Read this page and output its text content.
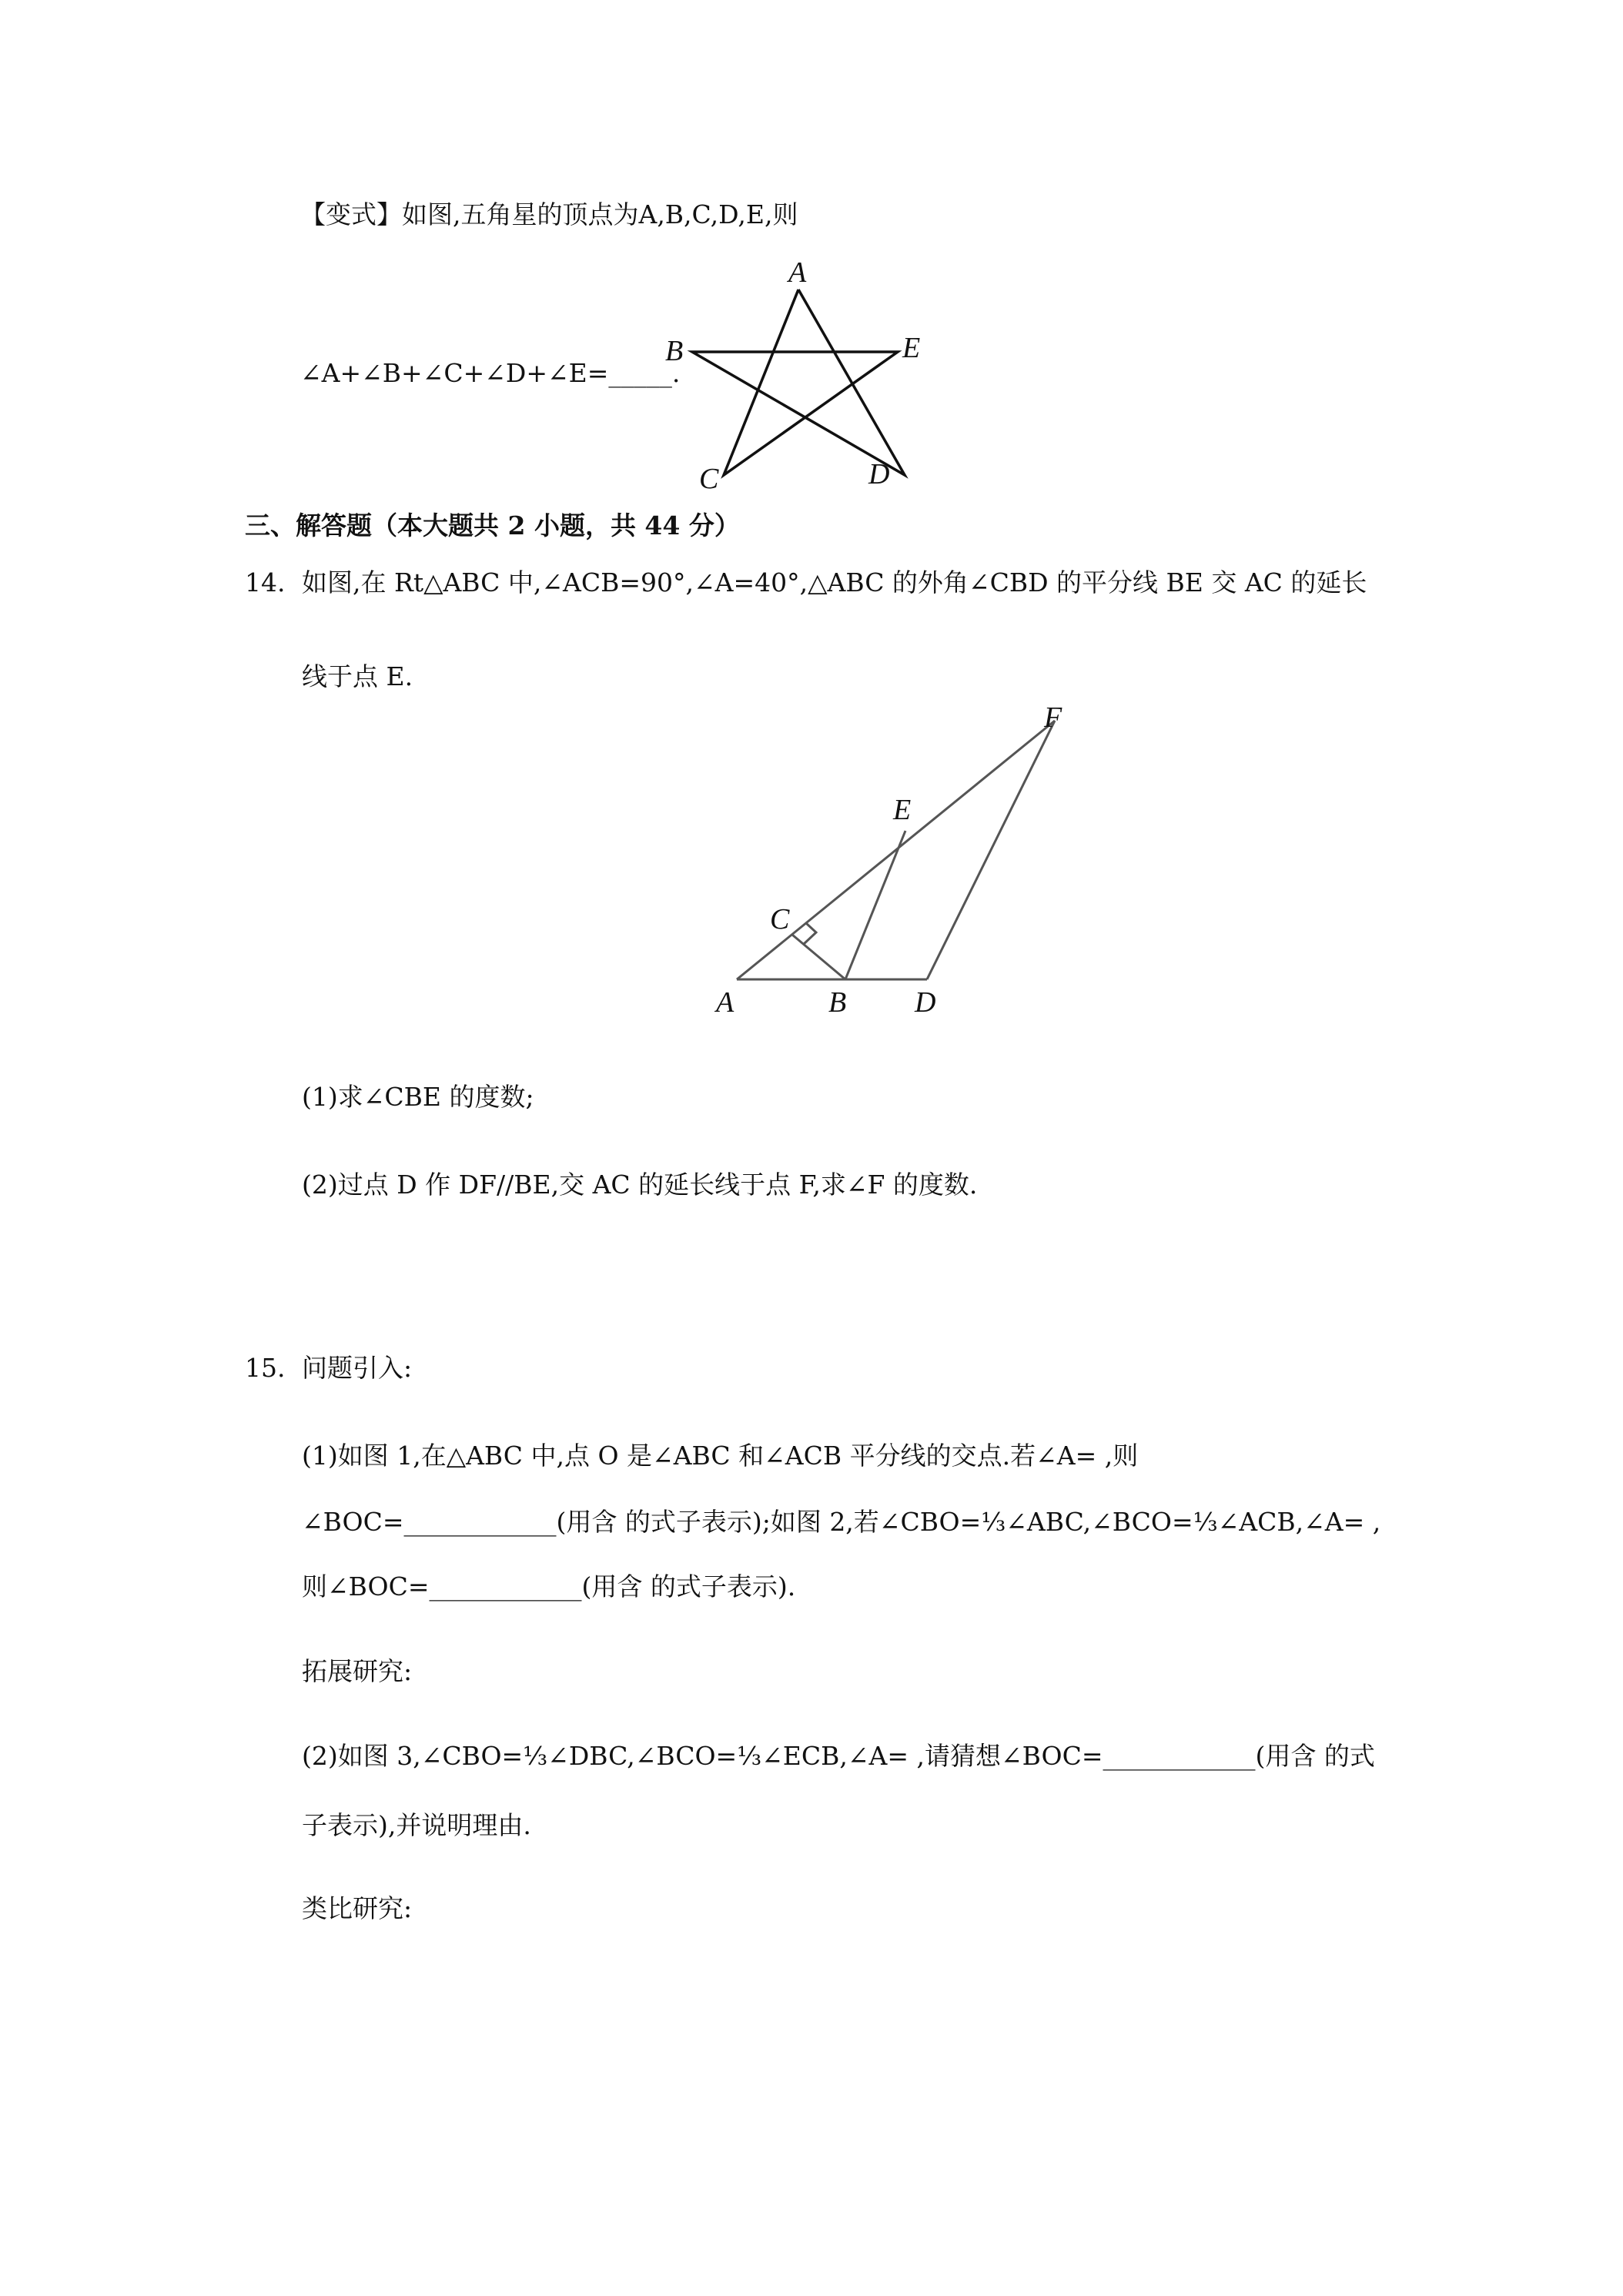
【变式】如图,五角星的顶点为A,B,C,D,E,则
∠A+∠B+∠C+∠D+∠E=_____.
A
B	E
C	D
三、解答题（本大题共 2 小题，共 44 分）
14. 如图,在 Rt△ABC 中,∠ACB=90°,∠A=40°,△ABC 的外角∠CBD 的平分线 BE 交 AC 的延长
线于点 E.
F
E
C
A	B D
(1)求∠CBE 的度数;
(2)过点 D 作 DF//BE,交 AC 的延长线于点 F,求∠F 的度数.
15. 问题引入:
(1)如图 1,在△ABC 中,点 O 是∠ABC 和∠ACB 平分线的交点.若∠A= ,则
∠BOC=____________(用含 的式子表示);如图 2,若∠CBO=⅓∠ABC,∠BCO=⅓∠ACB,∠A= ,
则∠BOC=____________(用含 的式子表示).
拓展研究:
(2)如图 3,∠CBO=⅓∠DBC,∠BCO=⅓∠ECB,∠A= ,请猜想∠BOC=____________(用含 的式
子表示),并说明理由.
类比研究:
